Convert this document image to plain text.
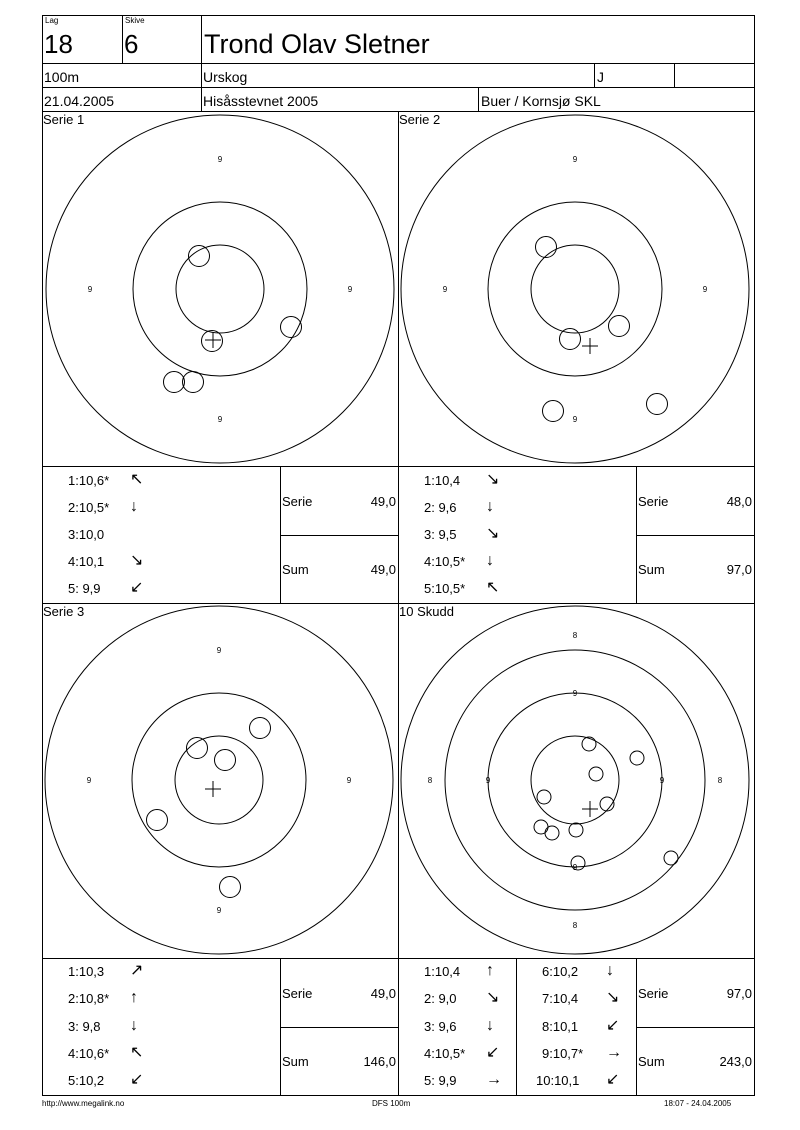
Lag
18
Skive
6 Trond Olav Sletner
100m	Urskog	J
21.04.2005	Hisåsstevnet 2005	Buer / Kornsjø SKL
9
9	9
9
9
9	9
9
9
9	9
9
8
9
9
8	8
9
9
8
Serie 1	Serie 2
Serie 3	10 Skudd
1:10,6* ↖
2:10,5* ↓
3:10,0
4:10,1 ↘
5: 9,9 ↙
Serie	49,0
Sum	49,0
1:10,4 ↘
2: 9,6 ↓
3: 9,5 ↘
4:10,5* ↓
5:10,5* ↖
Serie	48,0
Sum	97,0
1:10,3 ↗
2:10,8* ↑
3: 9,8 ↓
4:10,6* ↖
5:10,2 ↙
Serie	49,0
Sum	146,0
1:10,4 ↑
2: 9,0 ↘
3: 9,6 ↓
4:10,5* ↙
5: 9,9 →
6:10,2 ↓
7:10,4 ↘
8:10,1 ↙
9:10,7* →
10:10,1 ↙
Serie	97,0
Sum	243,0
http://www.megalink.no	DFS 100m	18:07 - 24.04.2005
